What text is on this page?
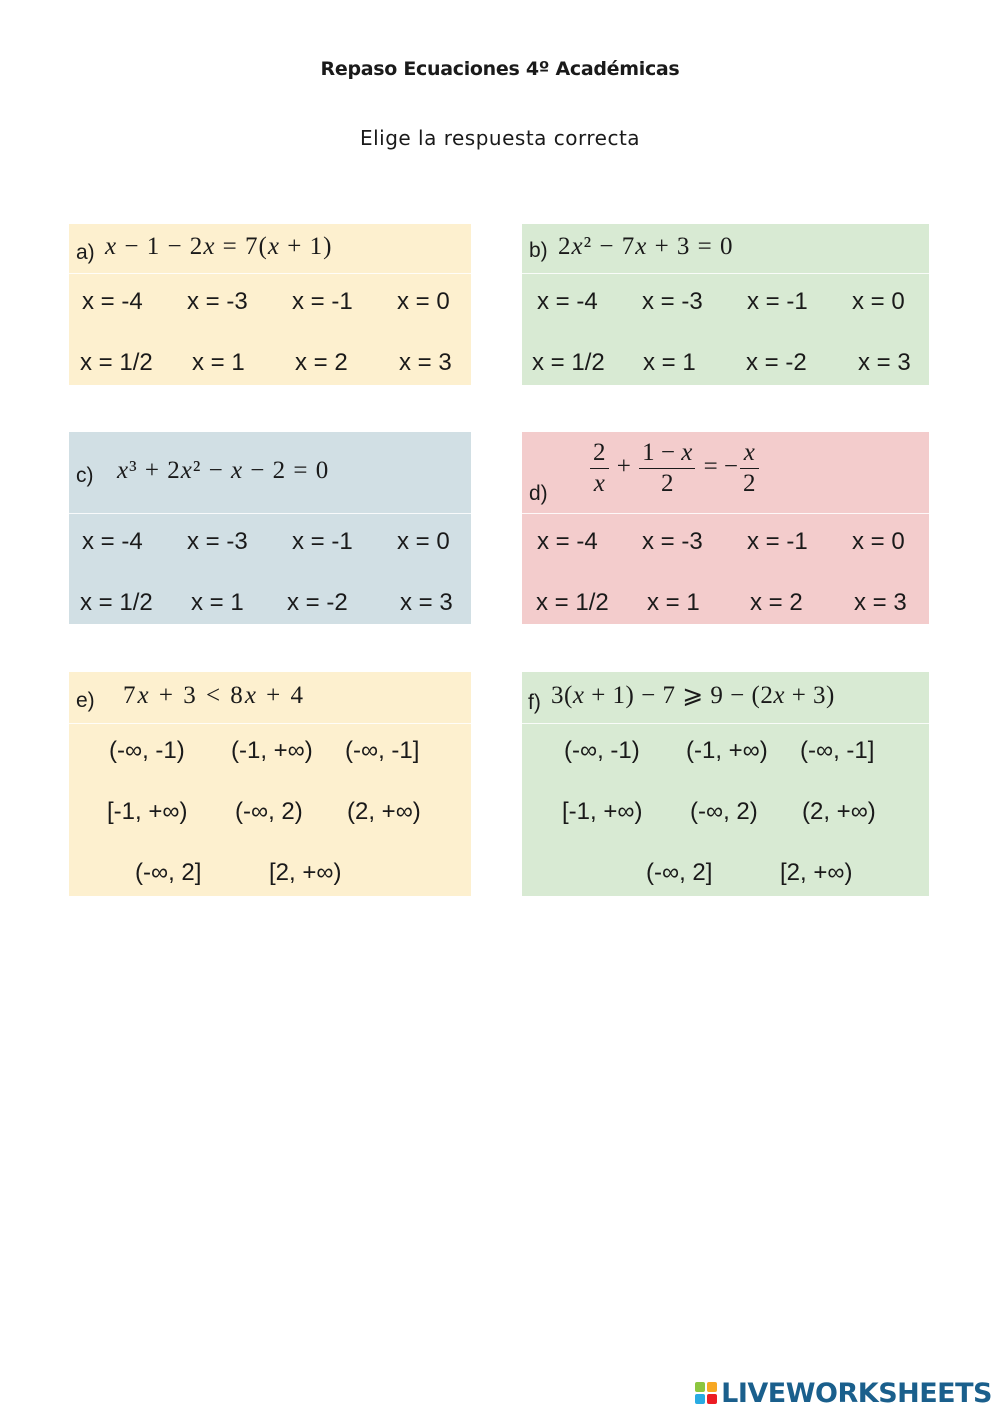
Repaso Ecuaciones 4º Académicas
Elige la respuesta correcta
a) x − 1 − 2x = 7(x + 1)
x = -4 x = -3 x = -1 x = 0
x = 1/2 x = 1 x = 2 x = 3
b) 2x² − 7x + 3 = 0
x = -4 x = -3 x = -1 x = 0
x = 1/2 x = 1 x = -2 x = 3
c) x³ + 2x² − x − 2 = 0
x = -4 x = -3 x = -1 x = 0
x = 1/2 x = 1 x = -2 x = 3
$d) \frac{2}{x} + \frac{1 - x}{2}$ = − $\frac{x}{2}$
x = -4 x = -3 x = -1 x = 0
x = 1/2 x = 1 x = 2 x = 3
e) 7x + 3 < 8x + 4
(-∞, -1) (-1, +∞) (-∞, -1]
[-1, +∞) (-∞, 2) (2, +∞)
(-∞, 2]	[2, +∞)
f) 3(x + 1) − 7 ⩾ 9 − (2x + 3)
(-∞, -1) (-1, +∞) (-∞, -1]
[-1, +∞) (-∞, 2) (2, +∞)
(-∞, 2]	[2, +∞)
LIVEWORKSHEETS
